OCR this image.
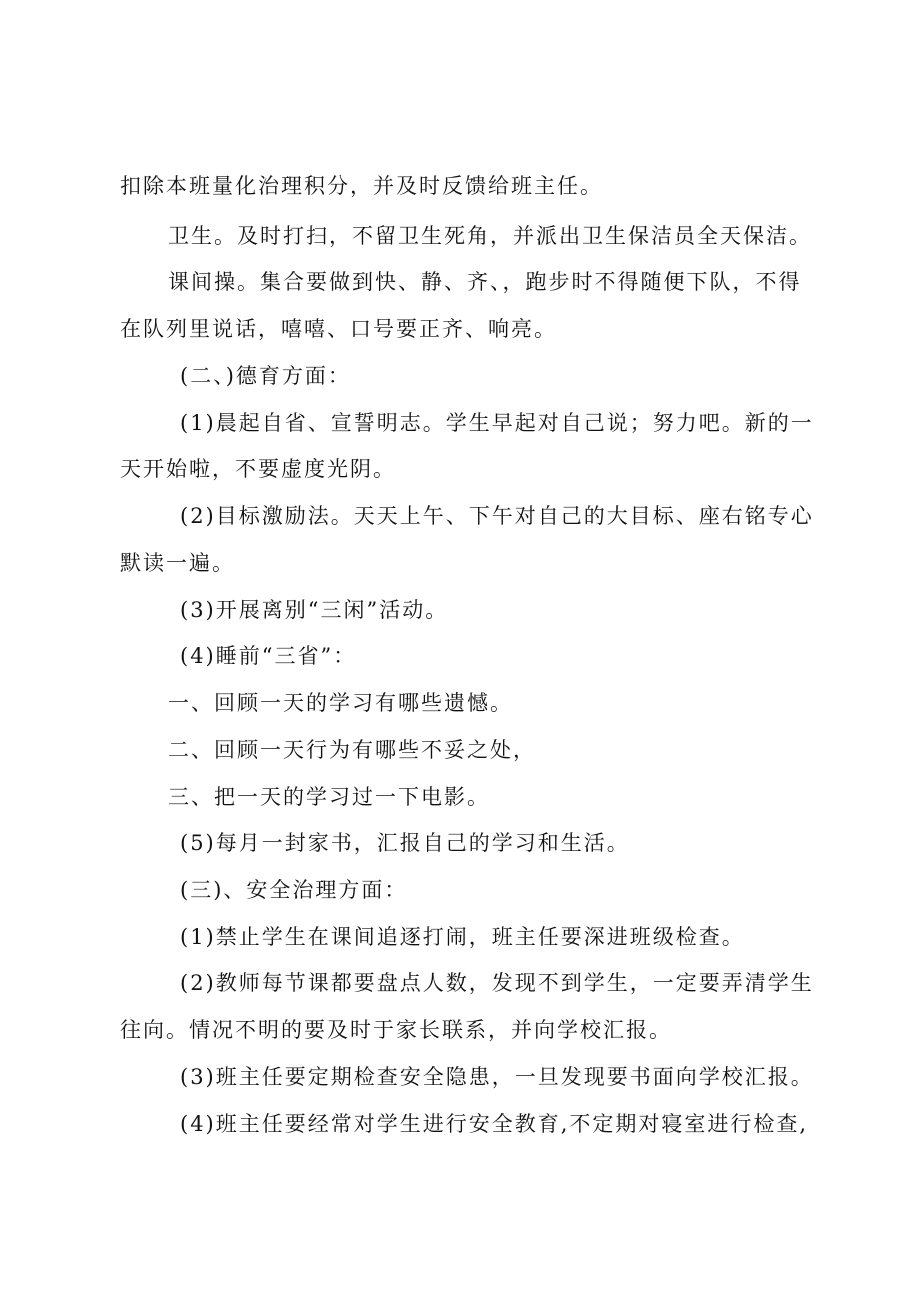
扣除本班量化治理积分，并及时反馈给班主任。
卫生。及时打扫，不留卫生死角，并派出卫生保洁员全天保洁。
课间操。集合要做到快、静、齐、，跑步时不得随便下队，不得
在队列里说话，嘻嘻、口号要正齐、响亮。
(二、)德育方面：
(1)晨起自省、宣誓明志。学生早起对自己说；努力吧。新的一
天开始啦，不要虚度光阴。
(2)目标激励法。天天上午、下午对自己的大目标、座右铭专心
默读一遍。
(3)开展离别“三闲”活动。
(4)睡前“三省”：
一、回顾一天的学习有哪些遗憾。
二、回顾一天行为有哪些不妥之处，
三、把一天的学习过一下电影。
(5)每月一封家书，汇报自己的学习和生活。
(三)、安全治理方面：
(1)禁止学生在课间追逐打闹，班主任要深进班级检查。
(2)教师每节课都要盘点人数，发现不到学生，一定要弄清学生
往向。情况不明的要及时于家长联系，并向学校汇报。
(3)班主任要定期检查安全隐患，一旦发现要书面向学校汇报。
(4)班主任要经常对学生进行安全教育,不定期对寝室进行检查,
